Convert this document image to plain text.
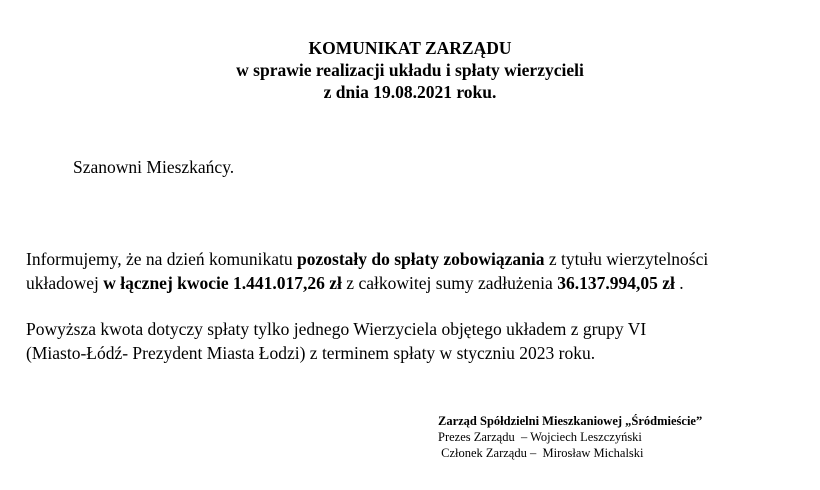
KOMUNIKAT ZARZĄDU
w sprawie realizacji układu i spłaty wierzycieli
z dnia 19.08.2021 roku.
Szanowni Mieszkańcy.
Informujemy, że na dzień komunikatu pozostały do spłaty zobowiązania z tytułu wierzytelności
układowej w łącznej kwocie 1.441.017,26 zł z całkowitej sumy zadłużenia 36.137.994,05 zł .
Powyższa kwota dotyczy spłaty tylko jednego Wierzyciela objętego układem z grupy VI
(Miasto-Łódź- Prezydent Miasta Łodzi) z terminem spłaty w styczniu 2023 roku.
Zarząd Spółdzielni Mieszkaniowej „Śródmieście”
Prezes Zarządu  – Wojciech Leszczyński
Członek Zarządu –  Mirosław Michalski
